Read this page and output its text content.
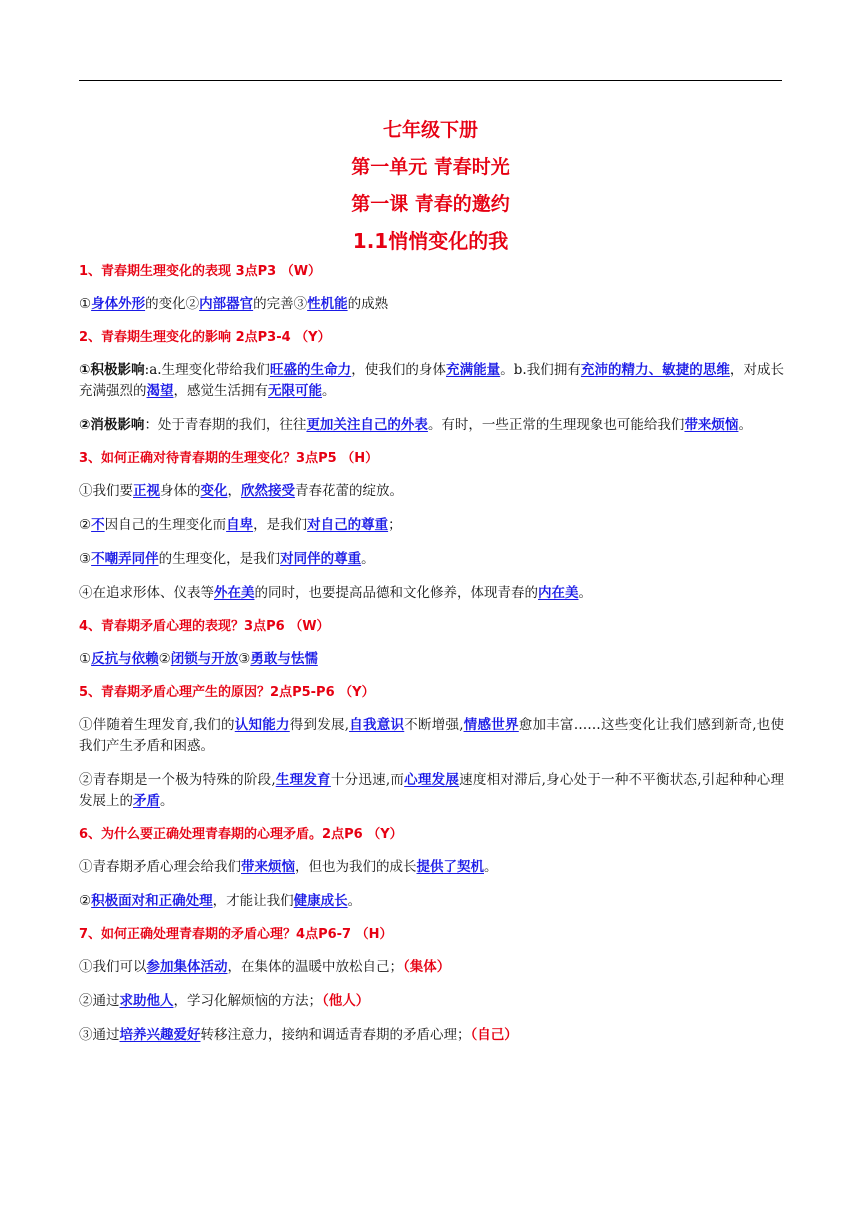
七年级下册
第一单元 青春时光
第一课 青春的邀约
1.1悄悄变化的我
1、青春期生理变化的表现 3点P3 （W）
①身体外形的变化②内部器官的完善③性机能的成熟
2、青春期生理变化的影响 2点P3-4 （Y）
①积极影响:a.生理变化带给我们旺盛的生命力，使我们的身体充满能量。b.我们拥有充沛的精力、敏捷的思维，对成长充满强烈的渴望，感觉生活拥有无限可能。
②消极影响：处于青春期的我们，往往更加关注自己的外表。有时，一些正常的生理现象也可能给我们带来烦恼。
3、如何正确对待青春期的生理变化？3点P5 （H）
①我们要正视身体的变化，欣然接受青春花蕾的绽放。
②不因自己的生理变化而自卑，是我们对自己的尊重；
③不嘲弄同伴的生理变化，是我们对同伴的尊重。
④在追求形体、仪表等外在美的同时，也要提高品德和文化修养，体现青春的内在美。
4、青春期矛盾心理的表现？3点P6 （W）
①反抗与依赖②闭锁与开放③勇敢与怯懦
5、青春期矛盾心理产生的原因？2点P5-P6 （Y）
①伴随着生理发育,我们的认知能力得到发展,自我意识不断增强,情感世界愈加丰富……这些变化让我们感到新奇,也使我们产生矛盾和困惑。
②青春期是一个极为特殊的阶段,生理发育十分迅速,而心理发展速度相对滞后,身心处于一种不平衡状态,引起种种心理发展上的矛盾。
6、为什么要正确处理青春期的心理矛盾。2点P6 （Y）
①青春期矛盾心理会给我们带来烦恼，但也为我们的成长提供了契机。
②积极面对和正确处理，才能让我们健康成长。
7、如何正确处理青春期的矛盾心理？4点P6-7 （H）
①我们可以参加集体活动，在集体的温暖中放松自己；（集体）
②通过求助他人，学习化解烦恼的方法；（他人）
③通过培养兴趣爱好转移注意力，接纳和调适青春期的矛盾心理；（自己）
